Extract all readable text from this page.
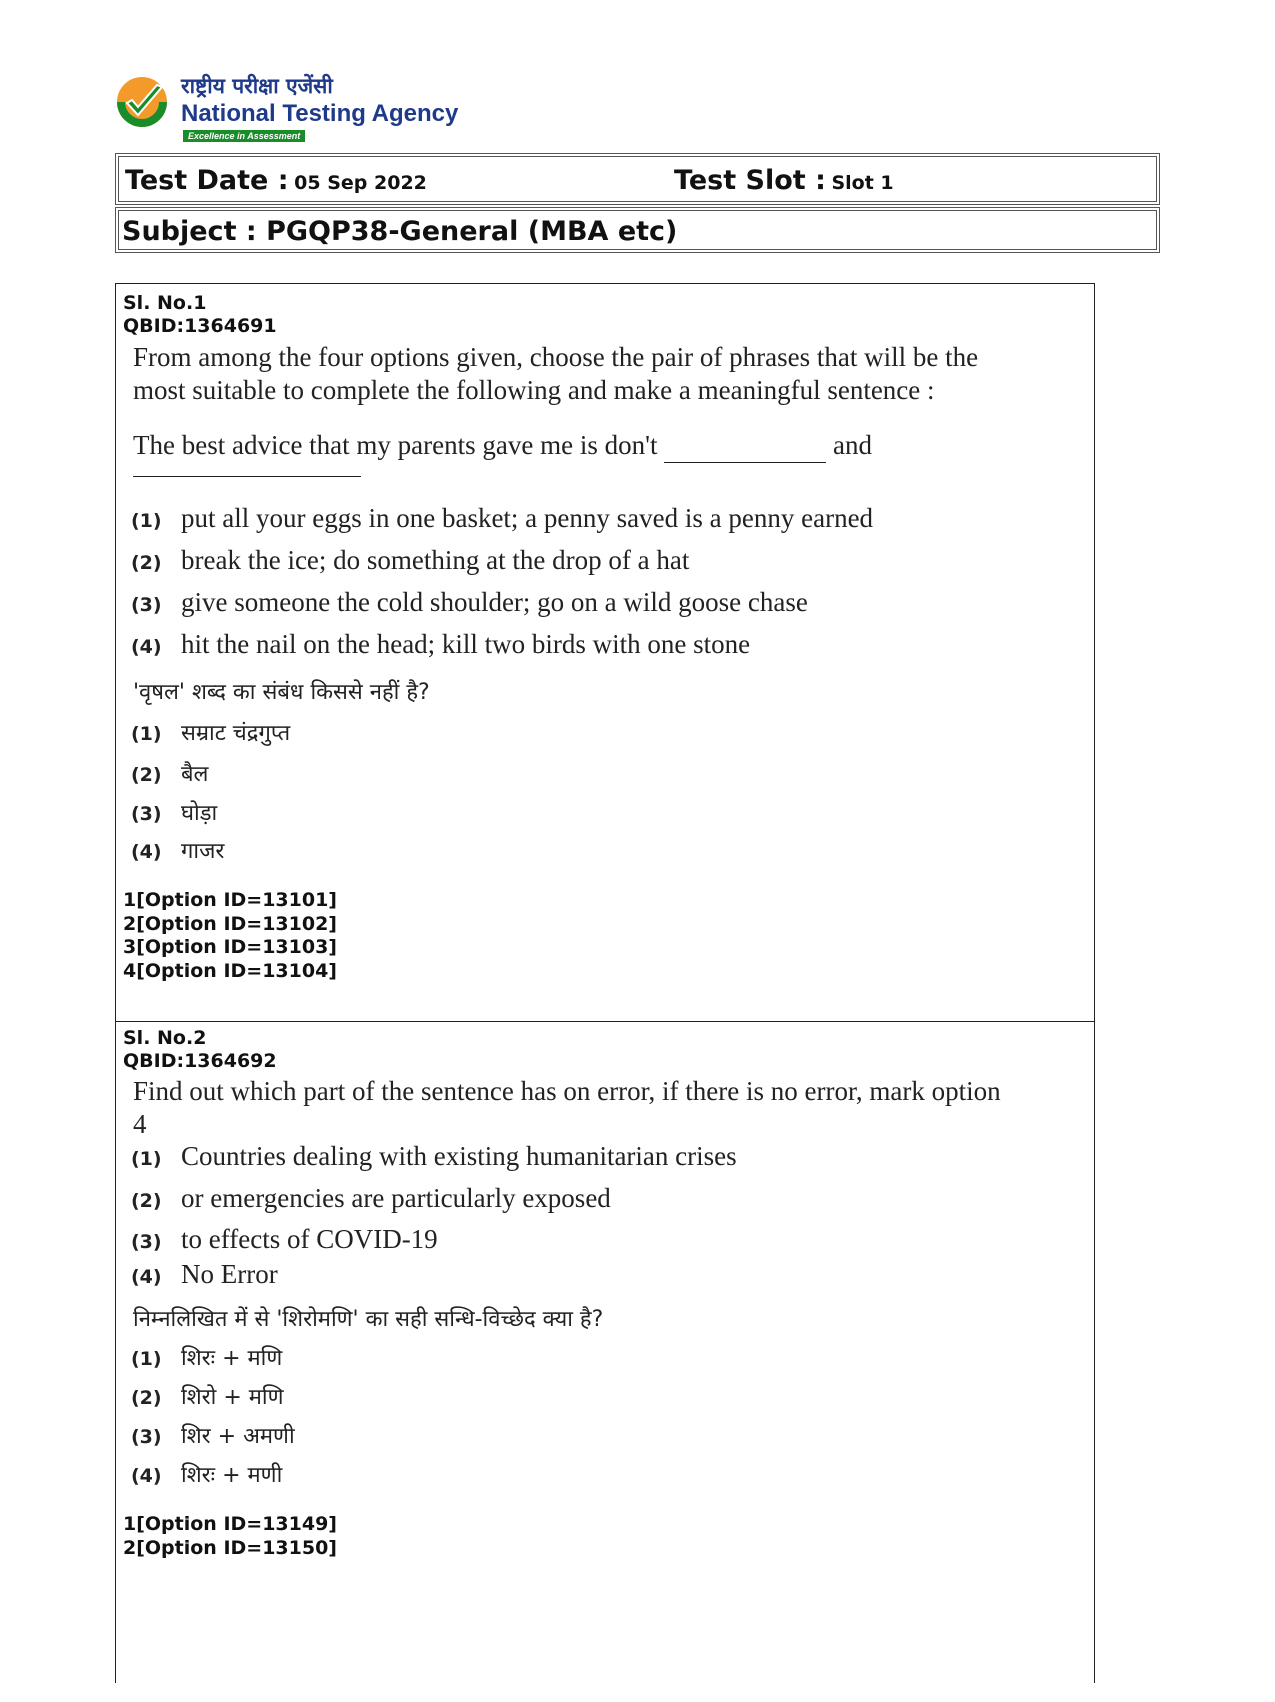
राष्ट्रीय परीक्षा एजेंसी
National Testing Agency
Excellence in Assessment
Test Date : 05 Sep 2022	Test Slot : Slot 1
Subject : PGQP38-General (MBA etc)
Sl. No.1
QBID:1364691
From among the four options given, choose the pair of phrases that will be the
most suitable to complete the following and make a meaningful sentence :
The best advice that my parents gave me is don't	and
(1) put all your eggs in one basket; a penny saved is a penny earned
(2) break the ice; do something at the drop of a hat
(3) give someone the cold shoulder; go on a wild goose chase
(4) hit the nail on the head; kill two birds with one stone
'वृषल' शब्द का संबंध किससे नहीं है?
(1) सम्राट चंद्रगुप्त
(2) बैल
(3) घोड़ा
(4) गाजर
1[Option ID=13101]
2[Option ID=13102]
3[Option ID=13103]
4[Option ID=13104]
Sl. No.2
QBID:1364692
Find out which part of the sentence has on error, if there is no error, mark option
4
(1) Countries dealing with existing humanitarian crises
(2) or emergencies are particularly exposed
(3) to effects of COVID-19
(4) No Error
निम्नलिखित में से 'शिरोमणि' का सही सन्धि-विच्छेद क्या है?
(1) शिरः + मणि
(2) शिरो + मणि
(3) शिर + अमणी
(4) शिरः + मणी
1[Option ID=13149]
2[Option ID=13150]
